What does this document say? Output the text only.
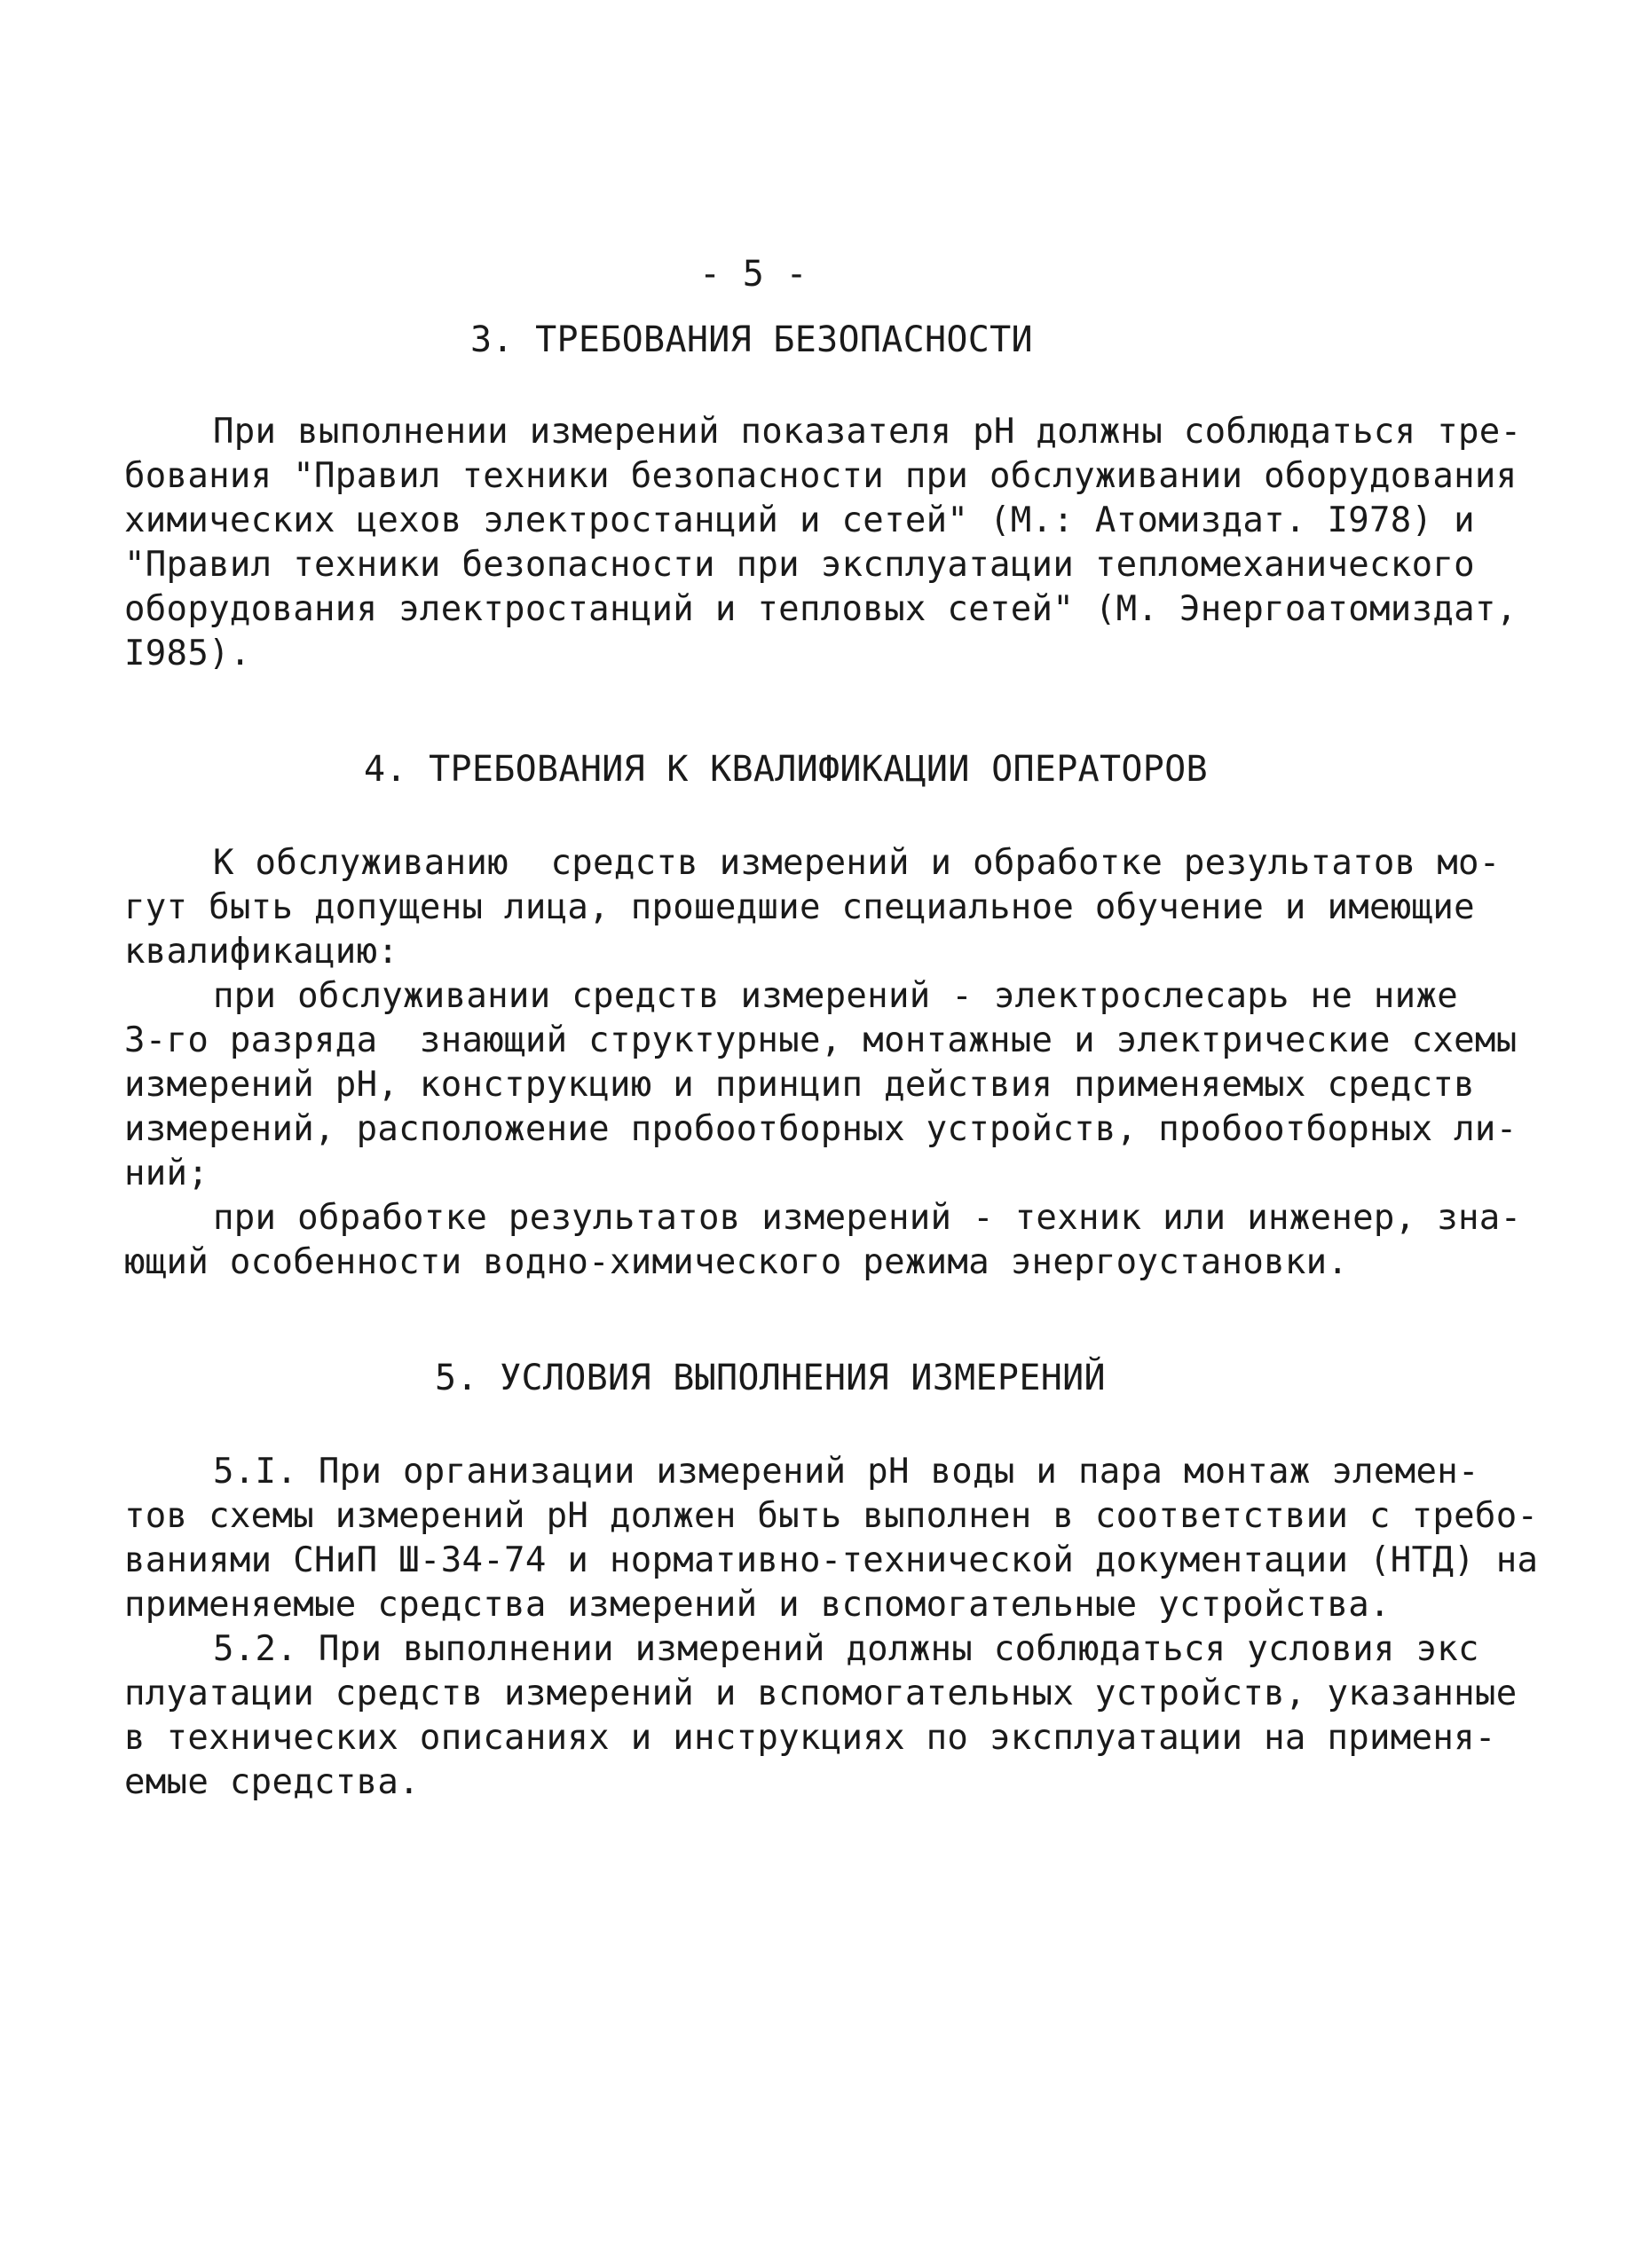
- 5 -
3. ТРЕБОВАНИЯ БЕЗОПАСНОСТИ
При выполнении измерений показателя pH должны соблюдаться тре-
бования "Правил техники безопасности при обслуживании оборудования
химических цехов электростанций и сетей" (М.: Атомиздат. I978) и
"Правил техники безопасности при эксплуатации тепломеханического
оборудования электростанций и тепловых сетей" (М. Энергоатомиздат,
I985).
4. ТРЕБОВАНИЯ К КВАЛИФИКАЦИИ ОПЕРАТОРОВ
К обслуживанию  средств измерений и обработке результатов мо-
гут быть допущены лица, прошедшие специальное обучение и имеющие
квалификацию:
при обслуживании средств измерений - электрослесарь не ниже
3-го разряда  знающий структурные, монтажные и электрические схемы
измерений pH, конструкцию и принцип действия применяемых средств
измерений, расположение пробоотборных устройств, пробоотборных ли-
ний;
при обработке результатов измерений - техник или инженер, зна-
ющий особенности водно-химического режима энергоустановки.
5. УСЛОВИЯ ВЫПОЛНЕНИЯ ИЗМЕРЕНИЙ
5.I. При организации измерений pH воды и пара монтаж элемен-
тов схемы измерений pH должен быть выполнен в соответствии с требо-
ваниями СНиП Ш-34-74 и нормативно-технической документации (НТД) на
применяемые средства измерений и вспомогательные устройства.
5.2. При выполнении измерений должны соблюдаться условия экс
плуатации средств измерений и вспомогательных устройств, указанные
в технических описаниях и инструкциях по эксплуатации на применя-
емые средства.
